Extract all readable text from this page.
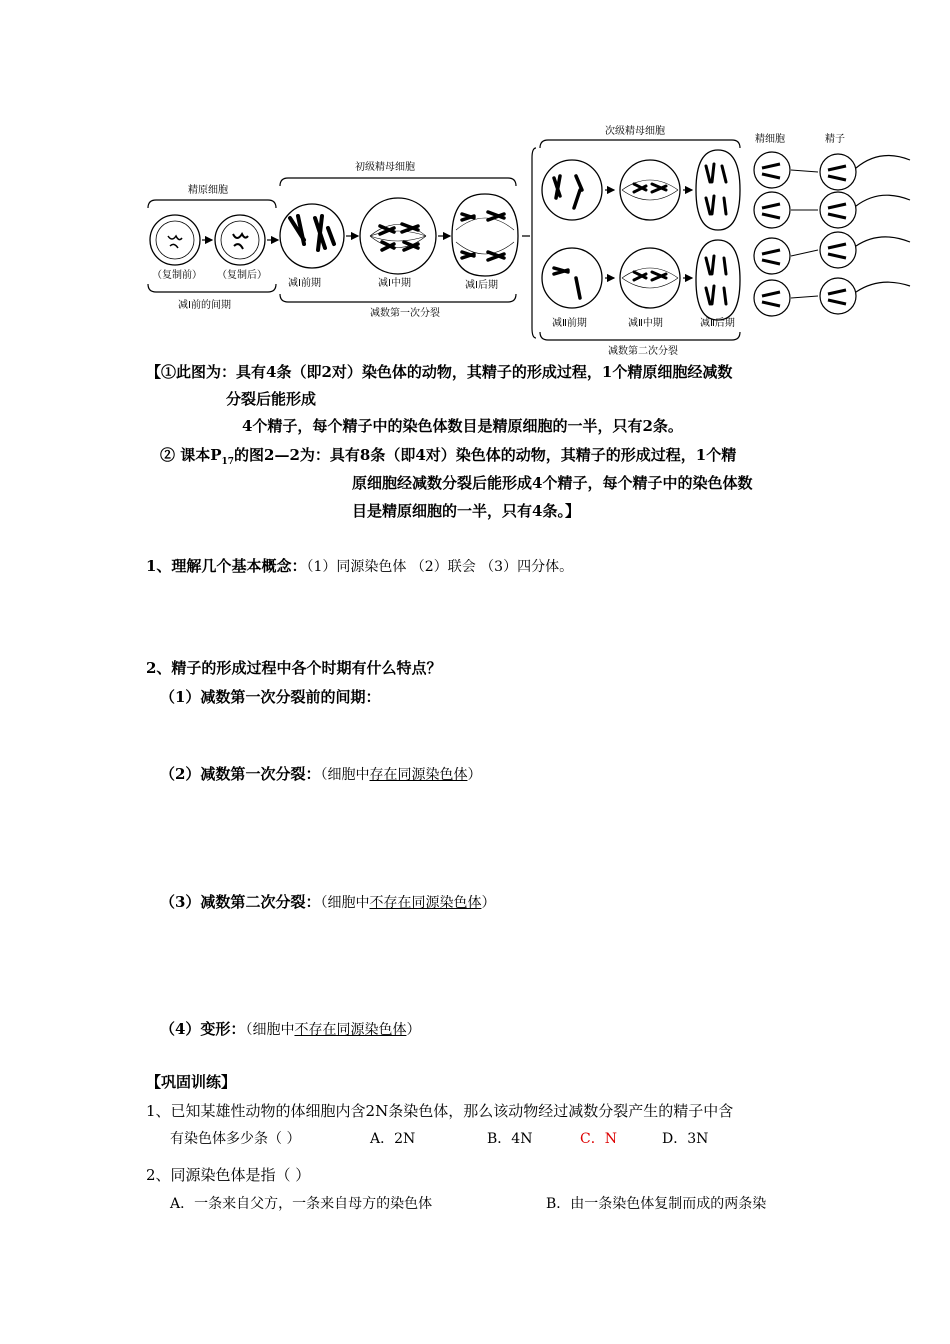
精原细胞
初级精母细胞
次级精母细胞
精细胞	精子
（复制前） （复制后）
减Ⅰ前的间期
减Ⅰ前期	减Ⅰ中期	减Ⅰ后期
减数第一次分裂
减Ⅱ前期	减Ⅱ中期	减Ⅱ后期
减数第二次分裂
【①此图为：具有4条（即2对）染色体的动物，其精子的形成过程，1个精原细胞经减数
分裂后能形成
4个精子，每个精子中的染色体数目是精原细胞的一半，只有2条。
② 课本$P_{17}$的图2—2为：具有8条（即4对）染色体的动物，其精子的形成过程，1个精
原细胞经减数分裂后能形成4个精子，每个精子中的染色体数
目是精原细胞的一半，只有4条。】
1、理解几个基本概念：（1）同源染色体 （2）联会 （3）四分体。
2、精子的形成过程中各个时期有什么特点？
（1）减数第一次分裂前的间期：
（2）减数第一次分裂：（细胞中存在同源染色体）
（3）减数第二次分裂：（细胞中不存在同源染色体）
（4）变形：（细胞中不存在同源染色体）
【巩固训练】
1、已知某雄性动物的体细胞内含2N条染色体，那么该动物经过减数分裂产生的精子中含
有染色体多少条（ ）	A．2N	B．4N	C．N	D．3N
2、同源染色体是指（ ）
A．一条来自父方，一条来自母方的染色体	B．由一条染色体复制而成的两条染
